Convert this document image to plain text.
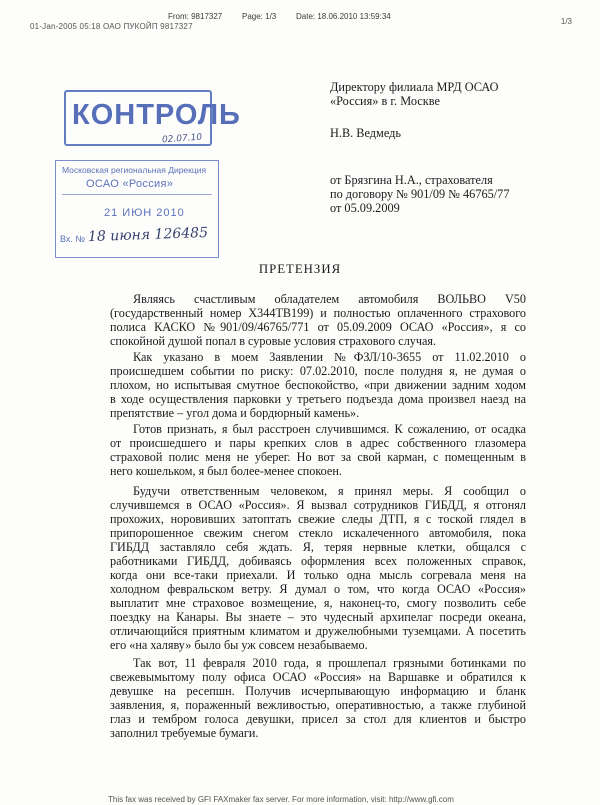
From: 9817327 Page: 1/3 Date: 18.06.2010 13:59:34
01-Jan-2005 05:18 ОАО ПУКОЙП 9817327
1/3
Директору филиала МРД ОСАО
«Россия» в г. Москве
Н.В. Ведмедь
от Брязгина Н.А., страхователя
по договору № 901/09 № 46765/77
от 05.09.2009
КОНТРОЛЬ
02.07.10
Московская региональная Дирекция
ОСАО «Россия»
21 ИЮН 2010
Вх. № 18 июня 126485
ПРЕТЕНЗИЯ
Являясь счастливым обладателем автомобиля ВОЛЬВО V50
(государственный номер Х344ТВ199) и полностью оплаченного страхового
полиса КАСКО №901/09/46765/771 от 05.09.2009 ОСАО «Россия», я со
спокойной душой попал в суровые условия страхового случая.
Как указано в моем Заявлении №ФЗЛ/10-3655 от 11.02.2010 о
происшедшем событии по риску: 07.02.2010, после полудня я, не думая о
плохом, но испытывая смутное беспокойство, «при движении задним ходом
в ходе осуществления парковки у третьего подъезда дома произвел наезд на
препятствие – угол дома и бордюрный камень».
Готов признать, я был расстроен случившимся. К сожалению, от осадка
от происшедшего и пары крепких слов в адрес собственного глазомера
страховой полис меня не уберег. Но вот за свой карман, с помещенным в
него кошельком, я был более-менее спокоен.
Будучи ответственным человеком, я принял меры. Я сообщил о
случившемся в ОСАО «Россия». Я вызвал сотрудников ГИБДД, я отгонял
прохожих, норовивших затоптать свежие следы ДТП, я с тоской глядел в
припорошенное свежим снегом стекло искалеченного автомобиля, пока
ГИБДД заставляло себя ждать. Я, теряя нервные клетки, общался с
работниками ГИБДД, добиваясь оформления всех положенных справок,
когда они все-таки приехали. И только одна мысль согревала меня на
холодном февральском ветру. Я думал о том, что когда ОСАО «Россия»
выплатит мне страховое возмещение, я, наконец-то, смогу позволить себе
поездку на Канары. Вы знаете – это чудесный архипелаг посреди океана,
отличающийся приятным климатом и дружелюбными туземцами. А посетить
его «на халяву» было бы уж совсем незабываемо.
Так вот, 11 февраля 2010 года, я прошлепал грязными ботинками по
свежевымытому полу офиса ОСАО «Россия» на Варшавке и обратился к
девушке на ресепшн. Получив исчерпывающую информацию и бланк
заявления, я, пораженный вежливостью, оперативностью, а также глубиной
глаз и тембром голоса девушки, присел за стол для клиентов и быстро
заполнил требуемые бумаги.
This fax was received by GFI FAXmaker fax server. For more information, visit: http://www.gfi.com
